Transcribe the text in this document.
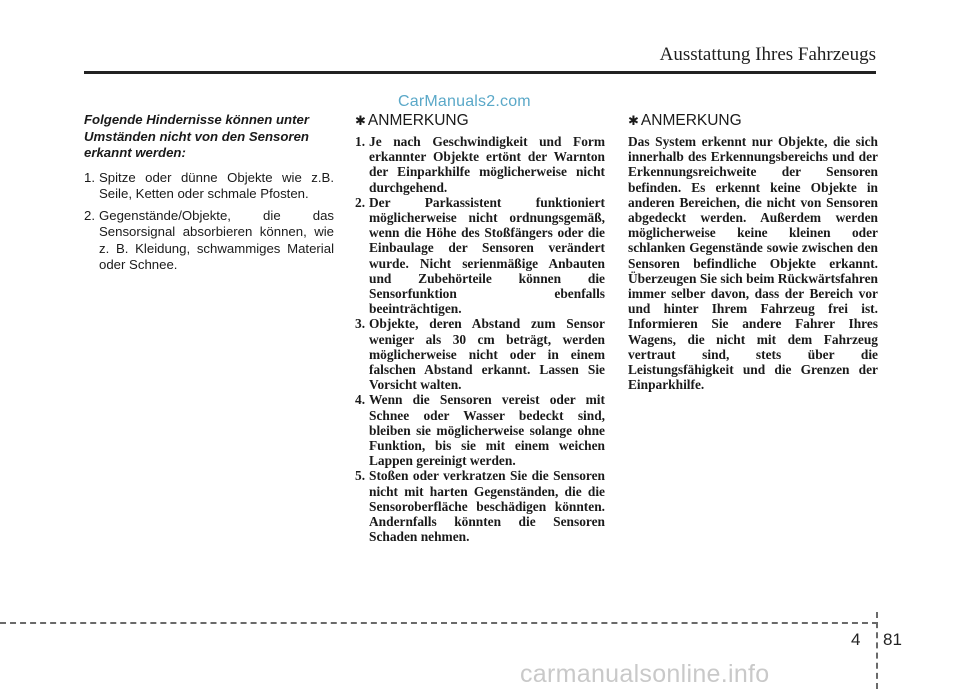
Ausstattung Ihres Fahrzeugs
CarManuals2.com

Folgende Hindernisse können unter Umständen nicht von den Sensoren erkannt werden:

1. Spitze oder dünne Objekte wie z.B. Seile, Ketten oder schmale Pfosten.
2. Gegenstände/Objekte, die das Sensorsignal absorbieren können, wie z. B. Kleidung, schwammiges Material oder Schnee.
✱ ANMERKUNG
1. Je nach Geschwindigkeit und Form erkannter Objekte ertönt der Warnton der Einparkhilfe möglicherweise nicht durchgehend.
2. Der Parkassistent funktioniert möglicherweise nicht ordnungsgemäß, wenn die Höhe des Stoßfängers oder die Einbaulage der Sensoren verändert wurde. Nicht serienmäßige Anbauten und Zubehörteile können die Sensorfunktion ebenfalls beeinträchtigen.
3. Objekte, deren Abstand zum Sensor weniger als 30 cm beträgt, werden möglicherweise nicht oder in einem falschen Abstand erkannt. Lassen Sie Vorsicht walten.
4. Wenn die Sensoren vereist oder mit Schnee oder Wasser bedeckt sind, bleiben sie möglicherweise solange ohne Funktion, bis sie mit einem weichen Lappen gereinigt werden.
5. Stoßen oder verkratzen Sie die Sensoren nicht mit harten Gegenständen, die die Sensoroberfläche beschädigen könnten. Andernfalls könnten die Sensoren Schaden nehmen.
✱ ANMERKUNG

Das System erkennt nur Objekte, die sich innerhalb des Erkennungsbereichs und der Erkennungsreichweite der Sensoren befinden. Es erkennt keine Objekte in anderen Bereichen, die nicht von Sensoren abgedeckt werden. Außerdem werden möglicherweise keine kleinen oder schlanken Gegenstände sowie zwischen den Sensoren befindliche Objekte erkannt. Überzeugen Sie sich beim Rückwärtsfahren immer selber davon, dass der Bereich vor und hinter Ihrem Fahrzeug frei ist. Informieren Sie andere Fahrer Ihres Wagens, die nicht mit dem Fahrzeug vertraut sind, stets über die Leistungsfähigkeit und die Grenzen der Einparkhilfe.

4 81
carmanualsonline.info
